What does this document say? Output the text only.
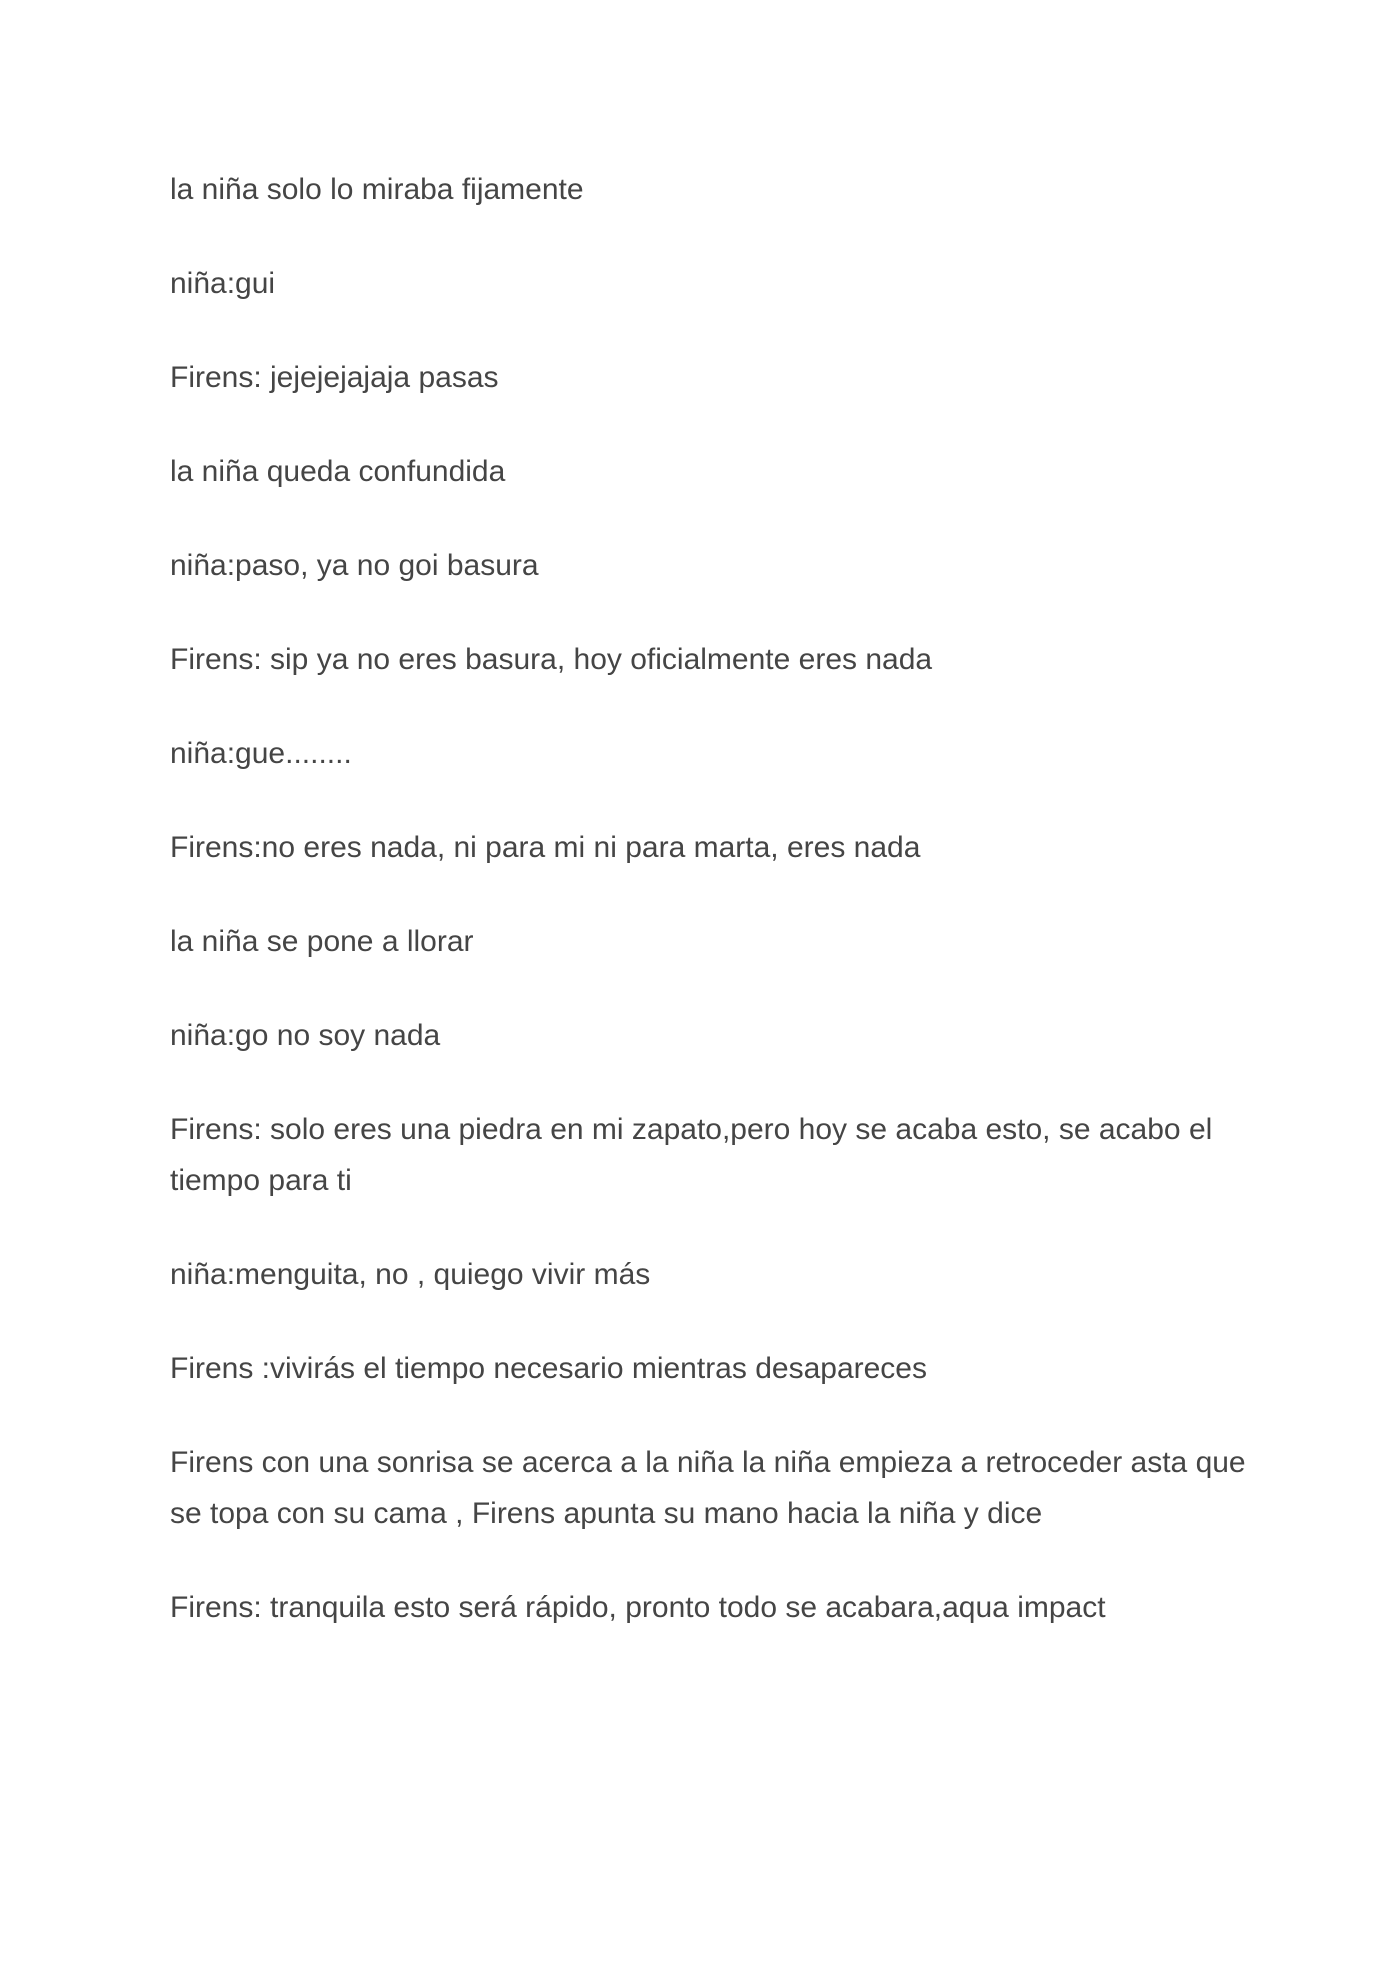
la niña solo lo miraba fijamente

niña:gui

Firens: jejejejajaja pasas

la niña queda confundida

niña:paso, ya no goi basura

Firens: sip ya no eres basura, hoy oficialmente eres nada

niña:gue........

Firens:no eres nada, ni para mi ni para marta, eres nada

la niña se pone a llorar

niña:go no soy nada

Firens: solo eres una piedra en mi zapato,pero hoy se acaba esto, se acabo el tiempo para ti

niña:menguita, no , quiego vivir más

Firens :vivirás el tiempo necesario mientras desapareces

Firens con una sonrisa se acerca a la niña la niña empieza a retroceder asta que se topa con su cama , Firens apunta su mano hacia la niña y dice

Firens: tranquila esto será rápido, pronto todo se acabara,aqua impact
